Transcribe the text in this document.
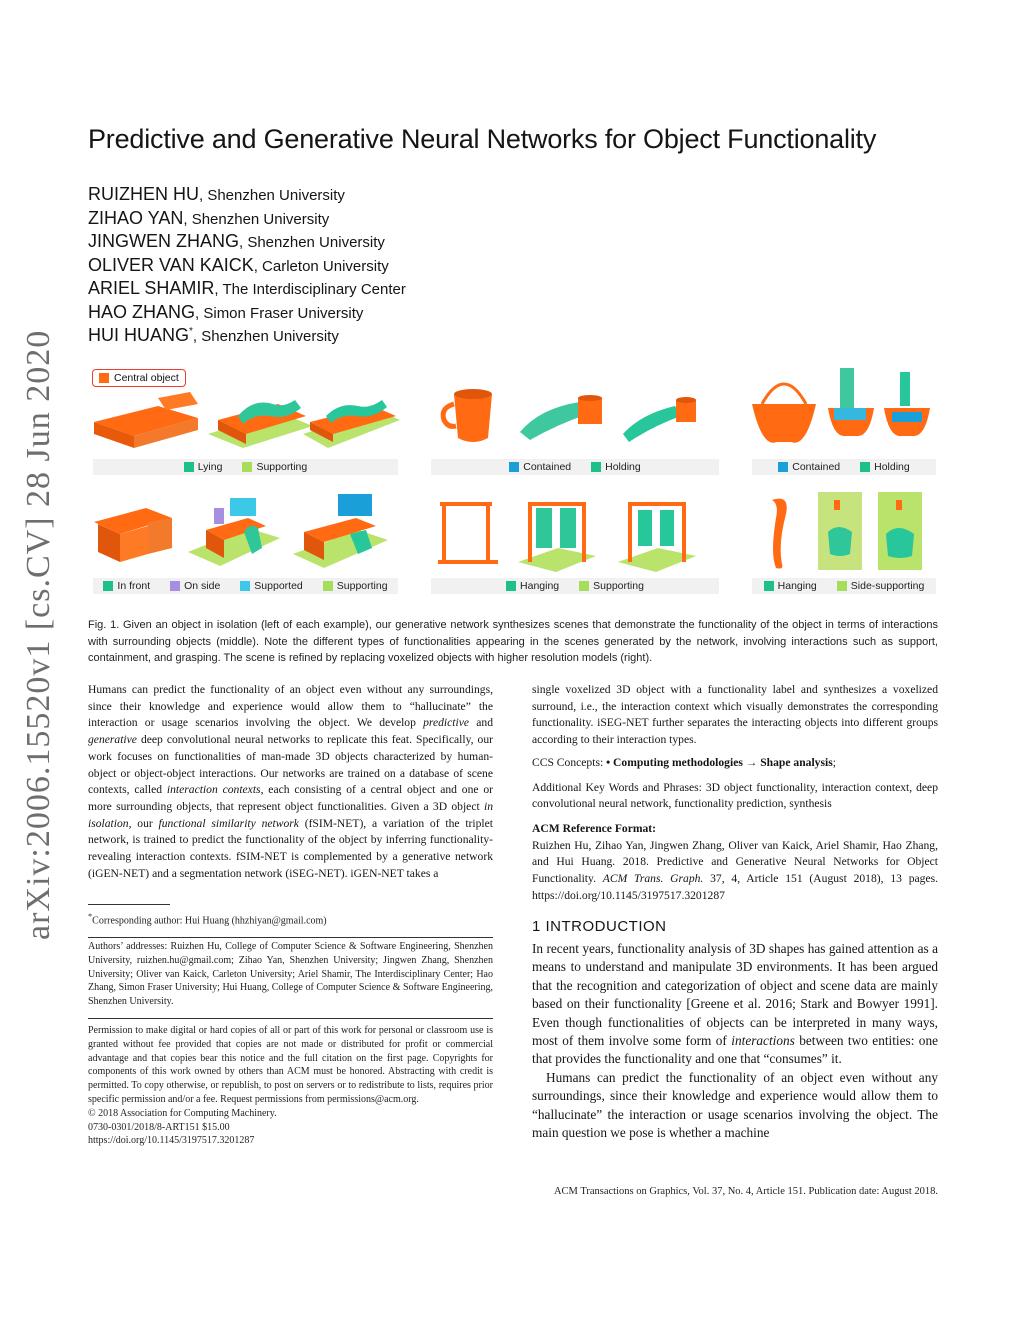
arXiv:2006.15520v1 [cs.CV] 28 Jun 2020
Predictive and Generative Neural Networks for Object Functionality
RUIZHEN HU, Shenzhen University
ZIHAO YAN, Shenzhen University
JINGWEN ZHANG, Shenzhen University
OLIVER VAN KAICK, Carleton University
ARIEL SHAMIR, The Interdisciplinary Center
HAO ZHANG, Simon Fraser University
HUI HUANG*, Shenzhen University
Central object
Lying	Supporting	Contained	Holding	Contained	Holding
In front	On side	Supported	Supporting	Hanging	Supporting	Hanging	Side-supporting
Fig. 1. Given an object in isolation (left of each example), our generative network synthesizes scenes that demonstrate the functionality of the object in terms of interactions with surrounding objects (middle). Note the different types of functionalities appearing in the scenes generated by the network, involving interactions such as support, containment, and grasping. The scene is refined by replacing voxelized objects with higher resolution models (right).
Humans can predict the functionality of an object even without any surroundings, since their knowledge and experience would allow them to “hallucinate” the interaction or usage scenarios involving the object. We develop predictive and generative deep convolutional neural networks to replicate this feat. Specifically, our work focuses on functionalities of man-made 3D objects characterized by human-object or object-object interactions. Our networks are trained on a database of scene contexts, called interaction contexts, each consisting of a central object and one or more surrounding objects, that represent object functionalities. Given a 3D object in isolation, our functional similarity network (fSIM-NET), a variation of the triplet network, is trained to predict the functionality of the object by inferring functionality-revealing interaction contexts. fSIM-NET is complemented by a generative network (iGEN-NET) and a segmentation network (iSEG-NET). iGEN-NET takes a
*Corresponding author: Hui Huang (hhzhiyan@gmail.com)
Authors’ addresses: Ruizhen Hu, College of Computer Science & Software Engineering, Shenzhen University, ruizhen.hu@gmail.com; Zihao Yan, Shenzhen University; Jingwen Zhang, Shenzhen University; Oliver van Kaick, Carleton University; Ariel Shamir, The Interdisciplinary Center; Hao Zhang, Simon Fraser University; Hui Huang, College of Computer Science & Software Engineering, Shenzhen University.
Permission to make digital or hard copies of all or part of this work for personal or classroom use is granted without fee provided that copies are not made or distributed for profit or commercial advantage and that copies bear this notice and the full citation on the first page. Copyrights for components of this work owned by others than ACM must be honored. Abstracting with credit is permitted. To copy otherwise, or republish, to post on servers or to redistribute to lists, requires prior specific permission and/or a fee. Request permissions from permissions@acm.org.
© 2018 Association for Computing Machinery.
0730-0301/2018/8-ART151 $15.00
https://doi.org/10.1145/3197517.3201287

single voxelized 3D object with a functionality label and synthesizes a voxelized surround, i.e., the interaction context which visually demonstrates the corresponding functionality. iSEG-NET further separates the interacting objects into different groups according to their interaction types.

CCS Concepts: • Computing methodologies → Shape analysis;

Additional Key Words and Phrases: 3D object functionality, interaction context, deep convolutional neural network, functionality prediction, synthesis

ACM Reference Format:

Ruizhen Hu, Zihao Yan, Jingwen Zhang, Oliver van Kaick, Ariel Shamir, Hao Zhang, and Hui Huang. 2018. Predictive and Generative Neural Networks for Object Functionality. ACM Trans. Graph. 37, 4, Article 151 (August 2018), 13 pages. https://doi.org/10.1145/3197517.3201287

1 INTRODUCTION

In recent years, functionality analysis of 3D shapes has gained attention as a means to understand and manipulate 3D environments. It has been argued that the recognition and categorization of object and scene data are mainly based on their functionality [Greene et al. 2016; Stark and Bowyer 1991]. Even though functionalities of objects can be interpreted in many ways, most of them involve some form of interactions between two entities: one that provides the functionality and one that “consumes” it.

Humans can predict the functionality of an object even without any surroundings, since their knowledge and experience would allow them to “hallucinate” the interaction or usage scenarios involving the object. The main question we pose is whether a machine

ACM Transactions on Graphics, Vol. 37, No. 4, Article 151. Publication date: August 2018.
